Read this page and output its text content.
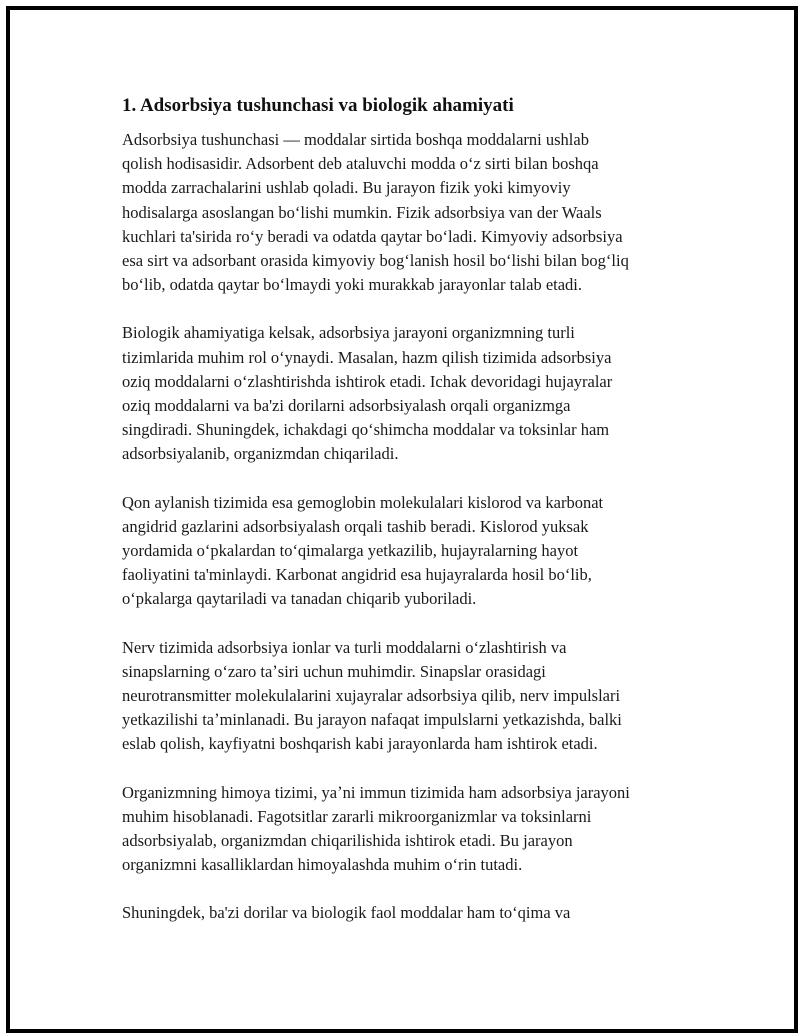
1. Adsorbsiya tushunchasi va biologik ahamiyati

Adsorbsiya tushunchasi — moddalar sirtida boshqa moddalarni ushlab
qolish hodisasidir. Adsorbent deb ataluvchi modda oʻz sirti bilan boshqa
modda zarrachalarini ushlab qoladi. Bu jarayon fizik yoki kimyoviy
hodisalarga asoslangan boʻlishi mumkin. Fizik adsorbsiya van der Waals
kuchlari ta'sirida roʻy beradi va odatda qaytar boʻladi. Kimyoviy adsorbsiya
esa sirt va adsorbant orasida kimyoviy bogʻlanish hosil boʻlishi bilan bogʻliq
boʻlib, odatda qaytar boʻlmaydi yoki murakkab jarayonlar talab etadi.

Biologik ahamiyatiga kelsak, adsorbsiya jarayoni organizmning turli
tizimlarida muhim rol oʻynaydi. Masalan, hazm qilish tizimida adsorbsiya
oziq moddalarni oʻzlashtirishda ishtirok etadi. Ichak devoridagi hujayralar
oziq moddalarni va ba'zi dorilarni adsorbsiyalash orqali organizmga
singdiradi. Shuningdek, ichakdagi qoʻshimcha moddalar va toksinlar ham
adsorbsiyalanib, organizmdan chiqariladi.

Qon aylanish tizimida esa gemoglobin molekulalari kislorod va karbonat
angidrid gazlarini adsorbsiyalash orqali tashib beradi. Kislorod yuksak
yordamida oʻpkalardan toʻqimalarga yetkazilib, hujayralarning hayot
faoliyatini ta'minlaydi. Karbonat angidrid esa hujayralarda hosil boʻlib,
oʻpkalarga qaytariladi va tanadan chiqarib yuboriladi.

Nerv tizimida adsorbsiya ionlar va turli moddalarni oʻzlashtirish va
sinapslarning oʻzaro taʼsiri uchun muhimdir. Sinapslar orasidagi
neurotransmitter molekulalarini xujayralar adsorbsiya qilib, nerv impulslari
yetkazilishi taʼminlanadi. Bu jarayon nafaqat impulslarni yetkazishda, balki
eslab qolish, kayfiyatni boshqarish kabi jarayonlarda ham ishtirok etadi.

Organizmning himoya tizimi, yaʼni immun tizimida ham adsorbsiya jarayoni
muhim hisoblanadi. Fagotsitlar zararli mikroorganizmlar va toksinlarni
adsorbsiyalab, organizmdan chiqarilishida ishtirok etadi. Bu jarayon
organizmni kasalliklardan himoyalashda muhim oʻrin tutadi.

Shuningdek, ba'zi dorilar va biologik faol moddalar ham toʻqima va
